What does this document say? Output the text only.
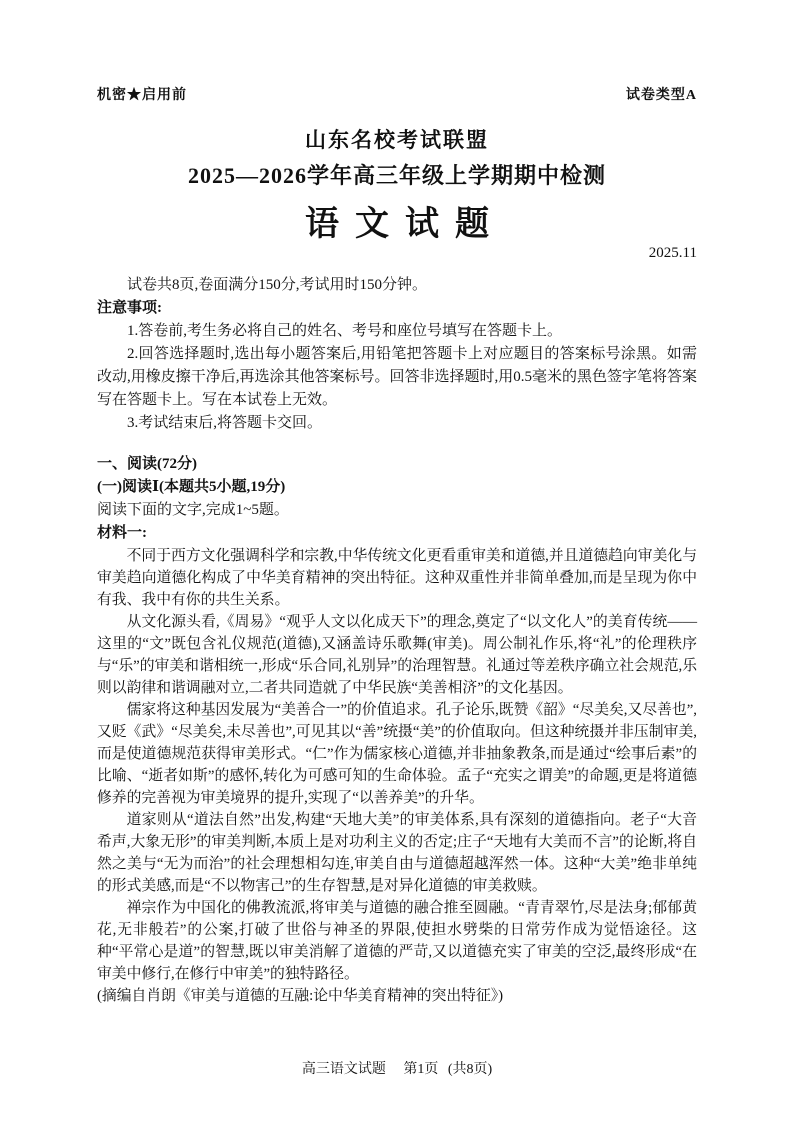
机密★启用前	试卷类型A
山东名校考试联盟
2025—2026学年高三年级上学期期中检测
语文试题
2025.11

试卷共8页,卷面满分150分,考试用时150分钟。

注意事项:

1.答卷前,考生务必将自己的姓名、考号和座位号填写在答题卡上。

2.回答选择题时,选出每小题答案后,用铅笔把答题卡上对应题目的答案标号涂黑。如需改动,用橡皮擦干净后,再选涂其他答案标号。回答非选择题时,用0.5毫米的黑色签字笔将答案写在答题卡上。写在本试卷上无效。

3.考试结束后,将答题卡交回。

一、阅读(72分)

(一)阅读Ⅰ(本题共5小题,19分)

阅读下面的文字,完成1~5题。

材料一:

不同于西方文化强调科学和宗教,中华传统文化更看重审美和道德,并且道德趋向审美化与审美趋向道德化构成了中华美育精神的突出特征。这种双重性并非简单叠加,而是呈现为你中有我、我中有你的共生关系。

从文化源头看,《周易》“观乎人文以化成天下”的理念,奠定了“以文化人”的美育传统——这里的“文”既包含礼仪规范(道德),又涵盖诗乐歌舞(审美)。周公制礼作乐,将“礼”的伦理秩序与“乐”的审美和谐相统一,形成“乐合同,礼别异”的治理智慧。礼通过等差秩序确立社会规范,乐则以韵律和谐调融对立,二者共同造就了中华民族“美善相济”的文化基因。

儒家将这种基因发展为“美善合一”的价值追求。孔子论乐,既赞《韶》“尽美矣,又尽善也”,又贬《武》“尽美矣,未尽善也”,可见其以“善”统摄“美”的价值取向。但这种统摄并非压制审美,而是使道德规范获得审美形式。“仁”作为儒家核心道德,并非抽象教条,而是通过“绘事后素”的比喻、“逝者如斯”的感怀,转化为可感可知的生命体验。孟子“充实之谓美”的命题,更是将道德修养的完善视为审美境界的提升,实现了“以善养美”的升华。

道家则从“道法自然”出发,构建“天地大美”的审美体系,具有深刻的道德指向。老子“大音希声,大象无形”的审美判断,本质上是对功利主义的否定;庄子“天地有大美而不言”的论断,将自然之美与“无为而治”的社会理想相勾连,审美自由与道德超越浑然一体。这种“大美”绝非单纯的形式美感,而是“不以物害己”的生存智慧,是对异化道德的审美救赎。

禅宗作为中国化的佛教流派,将审美与道德的融合推至圆融。“青青翠竹,尽是法身;郁郁黄花,无非般若”的公案,打破了世俗与神圣的界限,使担水劈柴的日常劳作成为觉悟途径。这种“平常心是道”的智慧,既以审美消解了道德的严苛,又以道德充实了审美的空泛,最终形成“在审美中修行,在修行中审美”的独特路径。

(摘编自肖朗《审美与道德的互融:论中华美育精神的突出特征》)

高三语文试题 第1页 (共8页)
